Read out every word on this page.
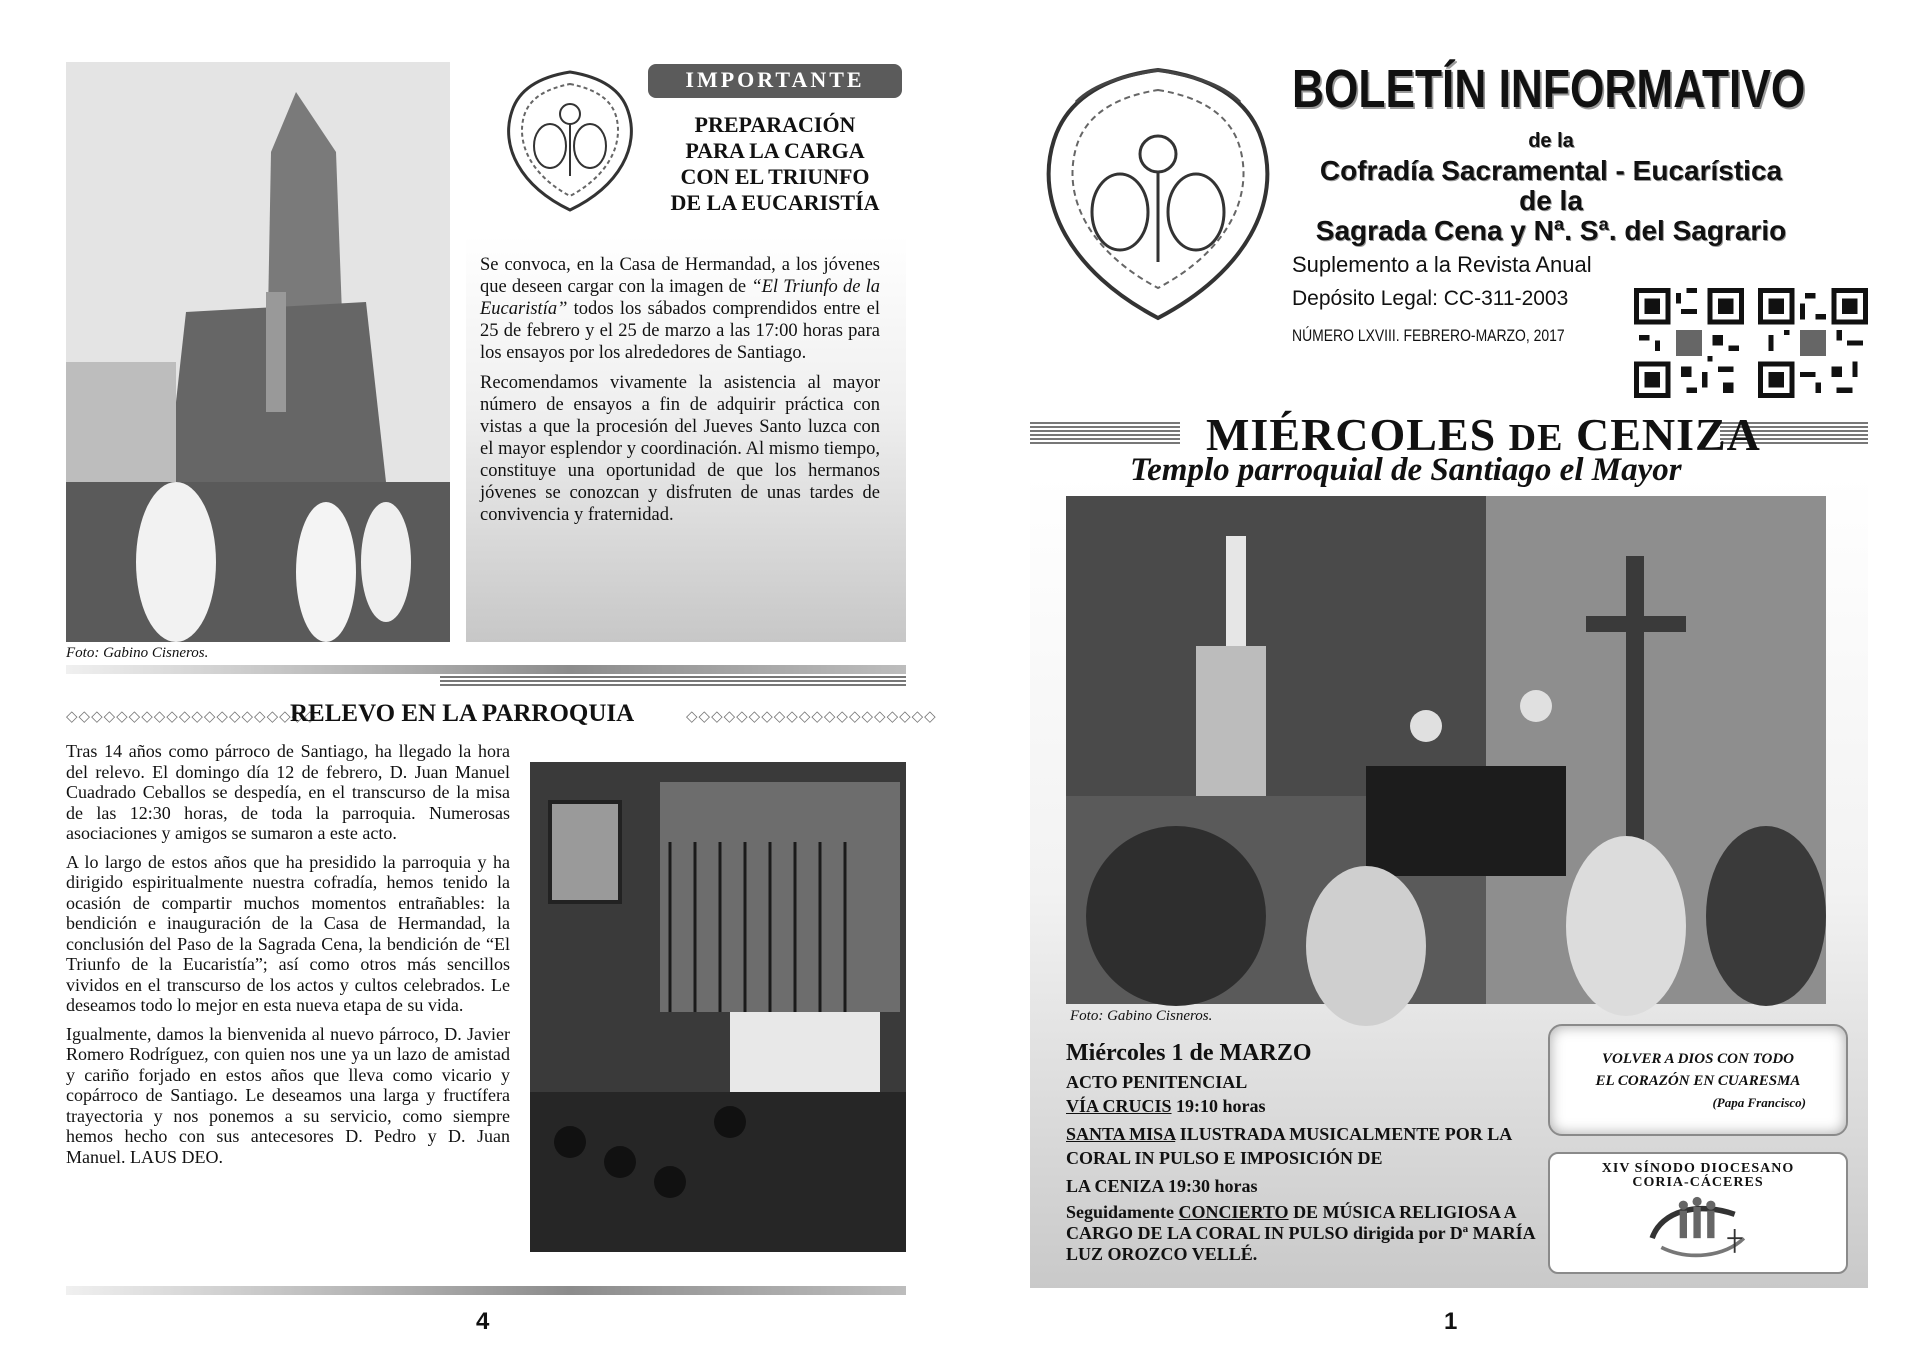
Foto: Gabino Cisneros.
IMPORTANTE
PREPARACIÓN
PARA LA CARGA
CON EL TRIUNFO
DE LA EUCARISTÍA

Se convoca, en la Casa de Hermandad, a los jóvenes que deseen cargar con la imagen de “El Triunfo de la Eucaristía” todos los sábados comprendidos entre el 25 de febrero y el 25 de marzo a las 17:00 horas para los ensayos por los alrededores de Santiago.

Recomendamos vivamente la asistencia al mayor número de ensayos a fin de adquirir práctica con vistas a que la procesión del Jueves Santo luzca con el mayor esplendor y coordinación. Al mismo tiempo, constituye una oportunidad de que los hermanos jóvenes se conozcan y disfruten de unas tardes de convivencia y fraternidad.

◇◇◇◇◇◇◇◇◇◇◇◇◇◇◇◇◇◇◇◇
RELEVO EN LA PARROQUIA	◇◇◇◇◇◇◇◇◇◇◇◇◇◇◇◇◇◇◇◇

Tras 14 años como párroco de Santiago, ha llegado la hora del relevo. El domingo día 12 de febrero, D. Juan Manuel Cuadrado Ceballos se despedía, en el transcurso de la misa de las 12:30 horas, de toda la parroquia. Numerosas asociaciones y amigos se sumaron a este acto.

A lo largo de estos años que ha presidido la parroquia y ha dirigido espiritualmente nuestra cofradía, hemos tenido la ocasión de compartir muchos momentos entrañables: la bendición e inauguración de la Casa de Hermandad, la conclusión del Paso de la Sagrada Cena, la bendición de “El Triunfo de la Eucaristía”; así como otros más sencillos vividos en el transcurso de los actos y cultos celebrados. Le deseamos todo lo mejor en esta nueva etapa de su vida.

Igualmente, damos la bienvenida al nuevo párroco, D. Javier Romero Rodríguez, con quien nos une ya un lazo de amistad y cariño forjado en estos años que lleva como vicario y copárroco de Santiago. Le deseamos una larga y fructífera trayectoria y nos ponemos a su servicio, como siempre hemos hecho con sus antecesores D. Pedro y D. Juan Manuel. LAUS DEO.

4
BOLETÍN INFORMATIVO
de la
Cofradía Sacramental - Eucarística
de la
Sagrada Cena y Nª. Sª. del Sagrario
Suplemento a la Revista Anual
Depósito Legal: CC-311-2003
NÚMERO LXVIII. FEBRERO-MARZO, 2017
MIÉRCOLES DE CENIZA
Templo parroquial de Santiago el Mayor
Foto: Gabino Cisneros.
Miércoles 1 de MARZO
ACTO PENITENCIAL
VÍA CRUCIS 19:10 horas
SANTA MISA ILUSTRADA MUSICALMENTE POR LA CORAL IN PULSO E IMPOSICIÓN DE
LA CENIZA 19:30 horas
Seguidamente CONCIERTO DE MÚSICA RELIGIOSA A CARGO DE LA CORAL IN PULSO dirigida por Dª MARÍA LUZ OROZCO VELLÉ.
VOLVER A DIOS CON TODO
EL CORAZÓN EN CUARESMA
(Papa Francisco)
XIV SÍNODO DIOCESANO
CORIA-CÁCERES
1
